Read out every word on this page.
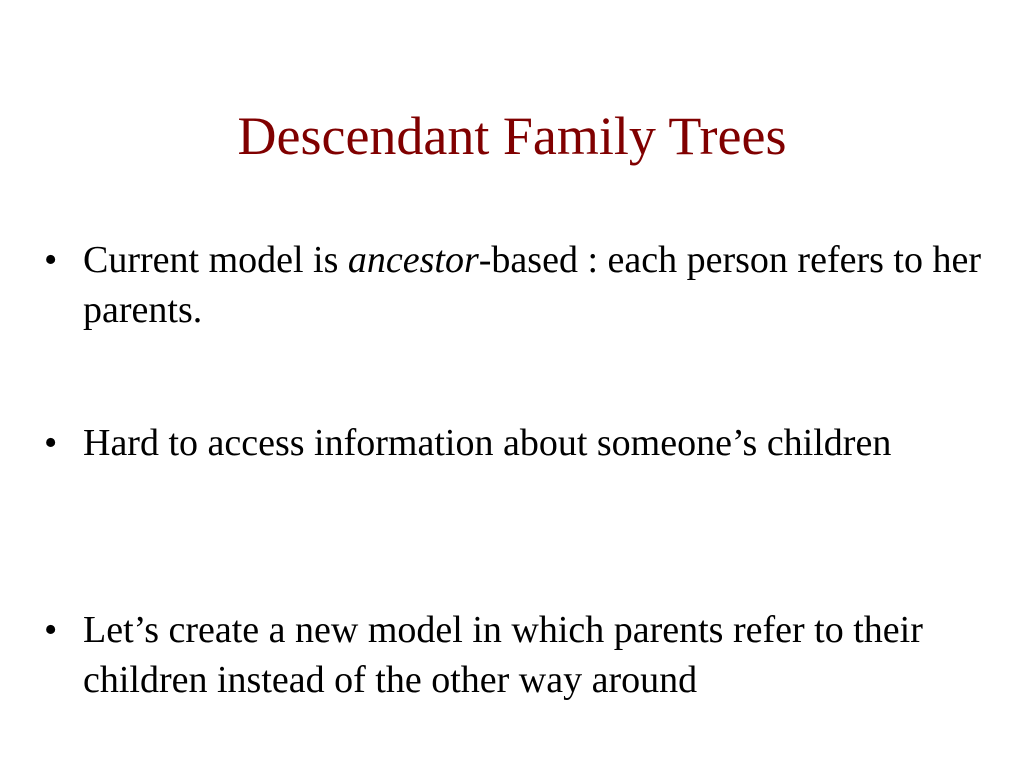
Descendant Family Trees
• Current model is ancestor-based : each person refers to her parents.
• Hard to access information about someone’s children
• Let’s create a new model in which parents refer to their children instead of the other way around
